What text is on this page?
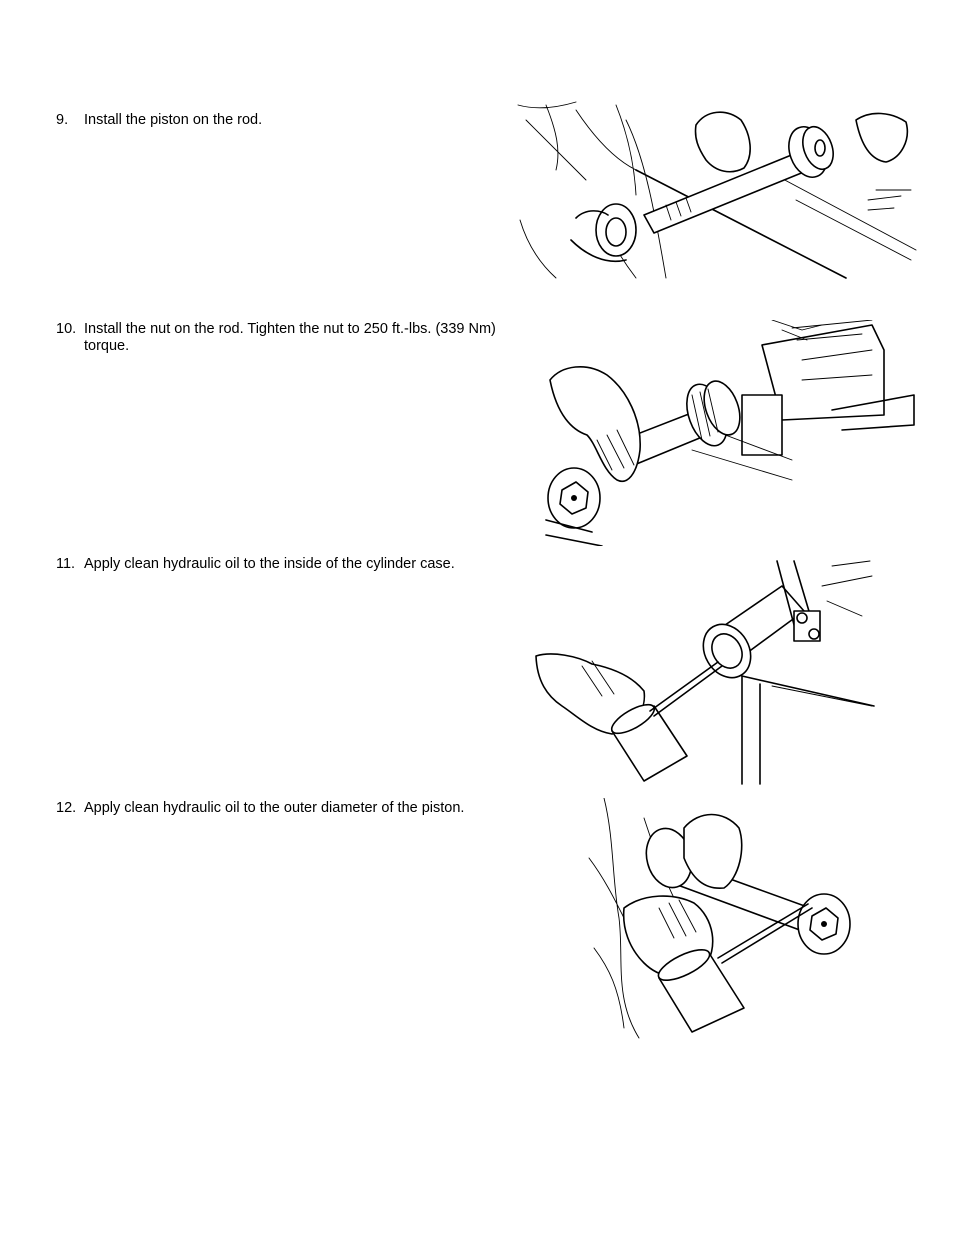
9.	Install the piston on the rod.
10. Install the nut on the rod. Tighten the nut to 250 ft.-lbs. (339 Nm) torque.
11. Apply clean hydraulic oil to the inside of the cylinder case.
12. Apply clean hydraulic oil to the outer diameter of the piston.
